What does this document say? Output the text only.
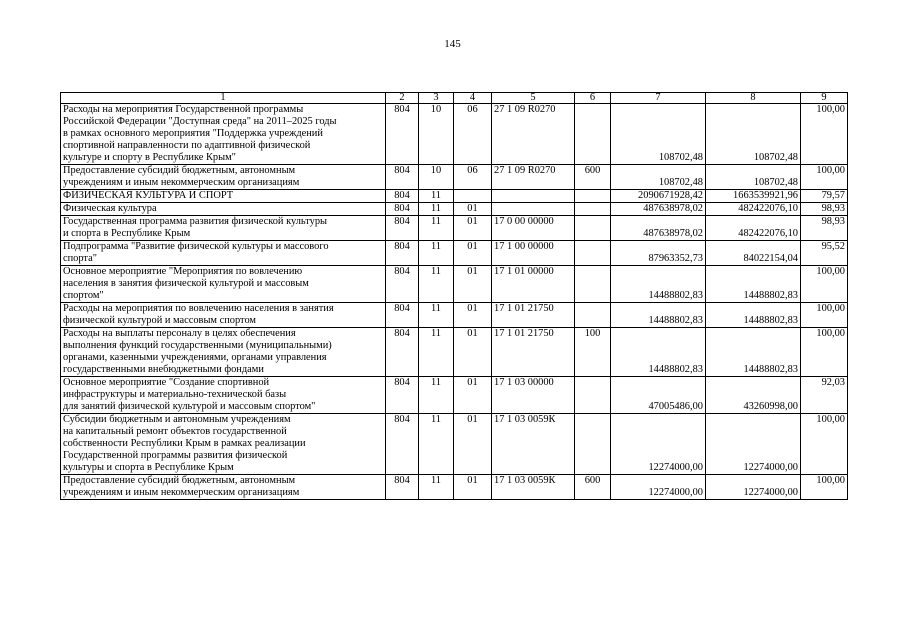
145
1	2	3	4	5	6	7	8	9
Расходы на мероприятия Государственной программы
Российской Федерации "Доступная среда" на 2011–2025 годы
в рамках основного мероприятия "Поддержка учреждений
спортивной направленности по адаптивной физической
культуре и спорту в Республике Крым"	804	10	06	27 1 09 R0270		108702,48	108702,48	100,00
Предоставление субсидий бюджетным, автономным
учреждениям и иным некоммерческим организациям	804	10	06	27 1 09 R0270	600	108702,48	108702,48	100,00
ФИЗИЧЕСКАЯ КУЛЬТУРА И СПОРТ	804	11				2090671928,42	1663539921,96	79,57
Физическая культура	804	11	01			487638978,02	482422076,10	98,93
Государственная программа развития физической культуры
и спорта в Республике Крым	804	11	01	17 0 00 00000		487638978,02	482422076,10	98,93
Подпрограмма "Развитие физической культуры и массового
спорта"	804	11	01	17 1 00 00000		87963352,73	84022154,04	95,52
Основное мероприятие "Мероприятия по вовлечению
населения в занятия физической культурой и массовым
спортом"	804	11	01	17 1 01 00000		14488802,83	14488802,83	100,00
Расходы на мероприятия по вовлечению населения в занятия
физической культурой и массовым спортом	804	11	01	17 1 01 21750		14488802,83	14488802,83	100,00
Расходы на выплаты персоналу в целях обеспечения
выполнения функций государственными (муниципальными)
органами, казенными учреждениями, органами управления
государственными внебюджетными фондами	804	11	01	17 1 01 21750	100	14488802,83	14488802,83	100,00
Основное мероприятие "Создание спортивной
инфраструктуры и материально-технической базы
для занятий физической культурой и массовым спортом"	804	11	01	17 1 03 00000		47005486,00	43260998,00	92,03
Субсидии бюджетным и автономным учреждениям
на капитальный ремонт объектов государственной
собственности Республики Крым в рамках реализации
Государственной программы развития физической
культуры и спорта в Республике Крым	804	11	01	17 1 03 0059К		12274000,00	12274000,00	100,00
Предоставление субсидий бюджетным, автономным
учреждениям и иным некоммерческим организациям	804	11	01	17 1 03 0059К	600	12274000,00	12274000,00	100,00
